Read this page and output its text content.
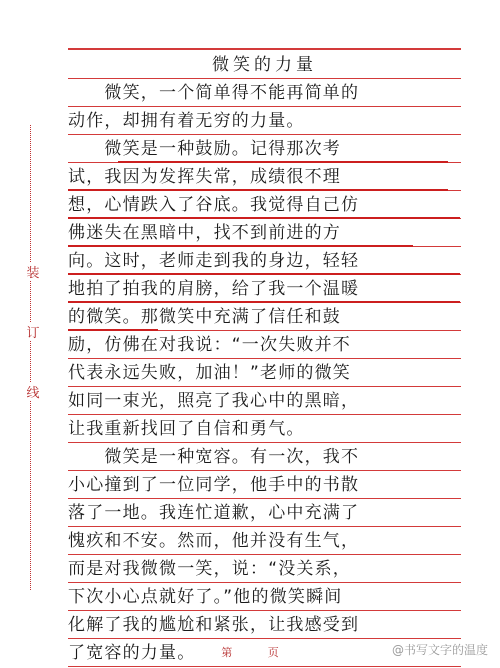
装
订
线
微笑的力量
　　微笑，一个简单得不能再简单的
动作，却拥有着无穷的力量。
　　微笑是一种鼓励。记得那次考
试，我因为发挥失常，成绩很不理
想，心情跌入了谷底。我觉得自己仿
佛迷失在黑暗中，找不到前进的方
向。这时，老师走到我的身边，轻轻
地拍了拍我的肩膀，给了我一个温暖
的微笑。那微笑中充满了信任和鼓
励，仿佛在对我说：“一次失败并不
代表永远失败，加油！”老师的微笑
如同一束光，照亮了我心中的黑暗，
让我重新找回了自信和勇气。
　　微笑是一种宽容。有一次，我不
小心撞到了一位同学，他手中的书散
落了一地。我连忙道歉，心中充满了
愧疚和不安。然而，他并没有生气，
而是对我微微一笑，说：“没关系，
下次小心点就好了。”他的微笑瞬间
化解了我的尴尬和紧张，让我感受到
了宽容的力量。	第	页	@书写文字的温度
